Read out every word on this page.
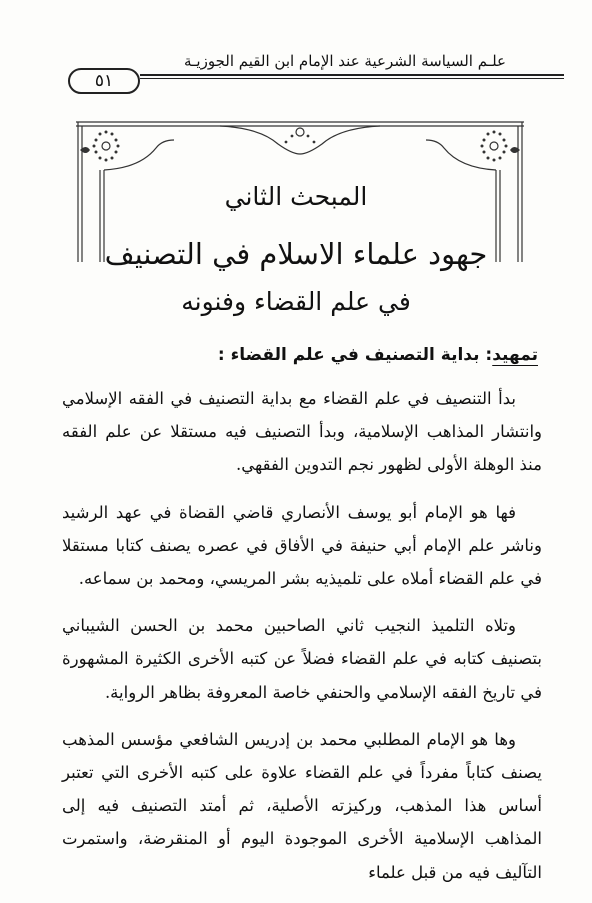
علـم السياسة الشرعية عند الإمام ابن القيم الجوزيـة
٥١
المبحث الثاني
جهود علماء الاسلام في التصنيف
في علم القضاء وفنونه
تمهيد: بداية التصنيف في علم القضاء :

بدأ التنصيف في علم القضاء مع بداية التصنيف في الفقه الإسلامي وانتشار المذاهب الإسلامية، وبدأ التصنيف فيه مستقلا عن علم الفقه منذ الوهلة الأولى لظهور نجم التدوين الفقهي.

فها هو الإمام أبو يوسف الأنصاري قاضي القضاة في عهد الرشيد وناشر علم الإمام أبي حنيفة في الأفاق في عصره يصنف كتابا مستقلا في علم القضاء أملاه على تلميذيه بشر المريسي، ومحمد بن سماعه.

وتلاه التلميذ النجيب ثاني الصاحبين محمد بن الحسن الشيباني بتصنيف كتابه في علم القضاء فضلاً عن كتبه الأخرى الكثيرة المشهورة في تاريخ الفقه الإسلامي والحنفي خاصة المعروفة بظاهر الرواية.

وها هو الإمام المطلبي محمد بن إدريس الشافعي مؤسس المذهب يصنف كتاباً مفرداً في علم القضاء علاوة على كتبه الأخرى التي تعتبر أساس هذا المذهب، وركيزته الأصلية، ثم أمتد التصنيف فيه إلى المذاهب الإسلامية الأخرى الموجودة اليوم أو المنقرضة، واستمرت التآليف فيه من قبل علماء
